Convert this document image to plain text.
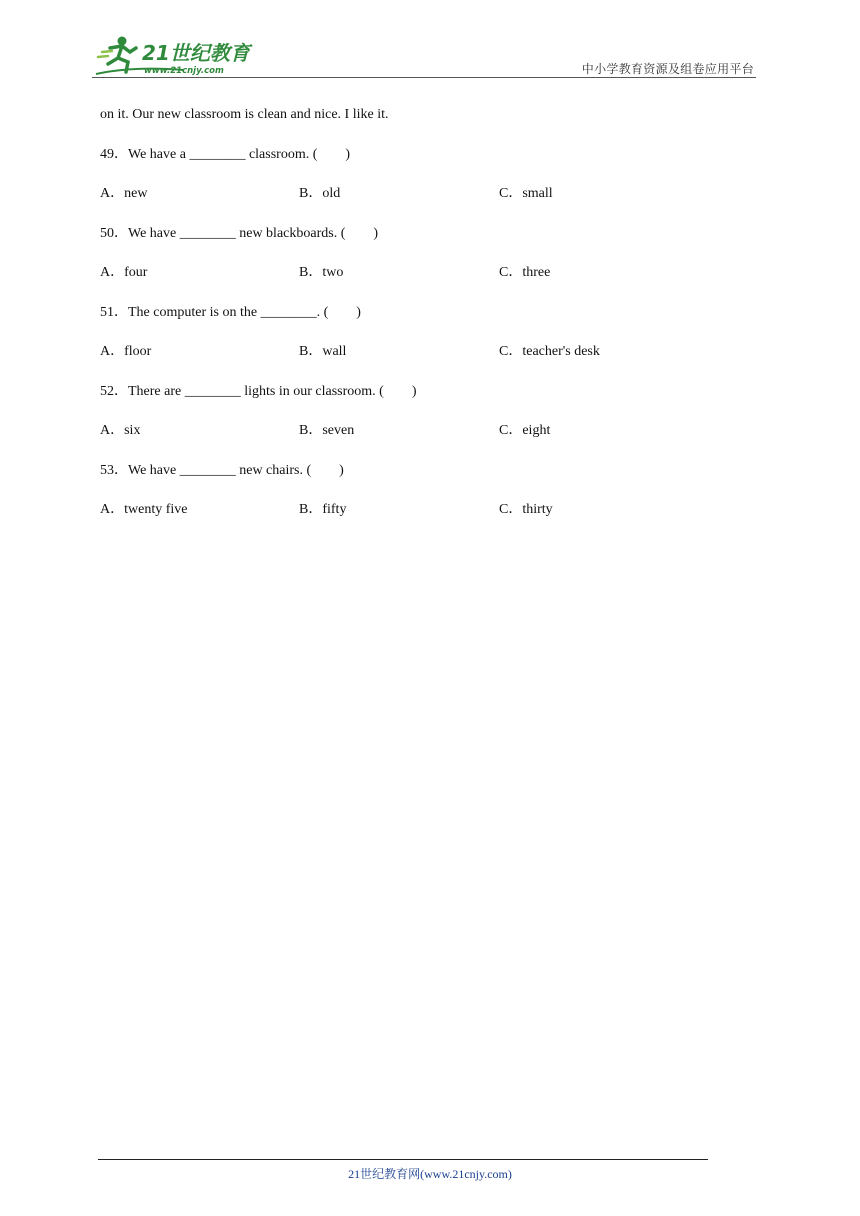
21世纪教育
www.21cnjy.com	中小学教育资源及组卷应用平台
on it. Our new classroom is clean and nice. I like it.
49．We have a ________ classroom. (        )
A．new	B．old	C．small
50．We have ________ new blackboards. (        )
A．four	B．two	C．three
51．The computer is on the ________. (        )
A．floor	B．wall	C．teacher's desk
52．There are ________ lights in our classroom. (        )
A．six	B．seven	C．eight
53．We have ________ new chairs. (        )
A．twenty five	B．fifty	C．thirty
21世纪教育网(www.21cnjy.com)
